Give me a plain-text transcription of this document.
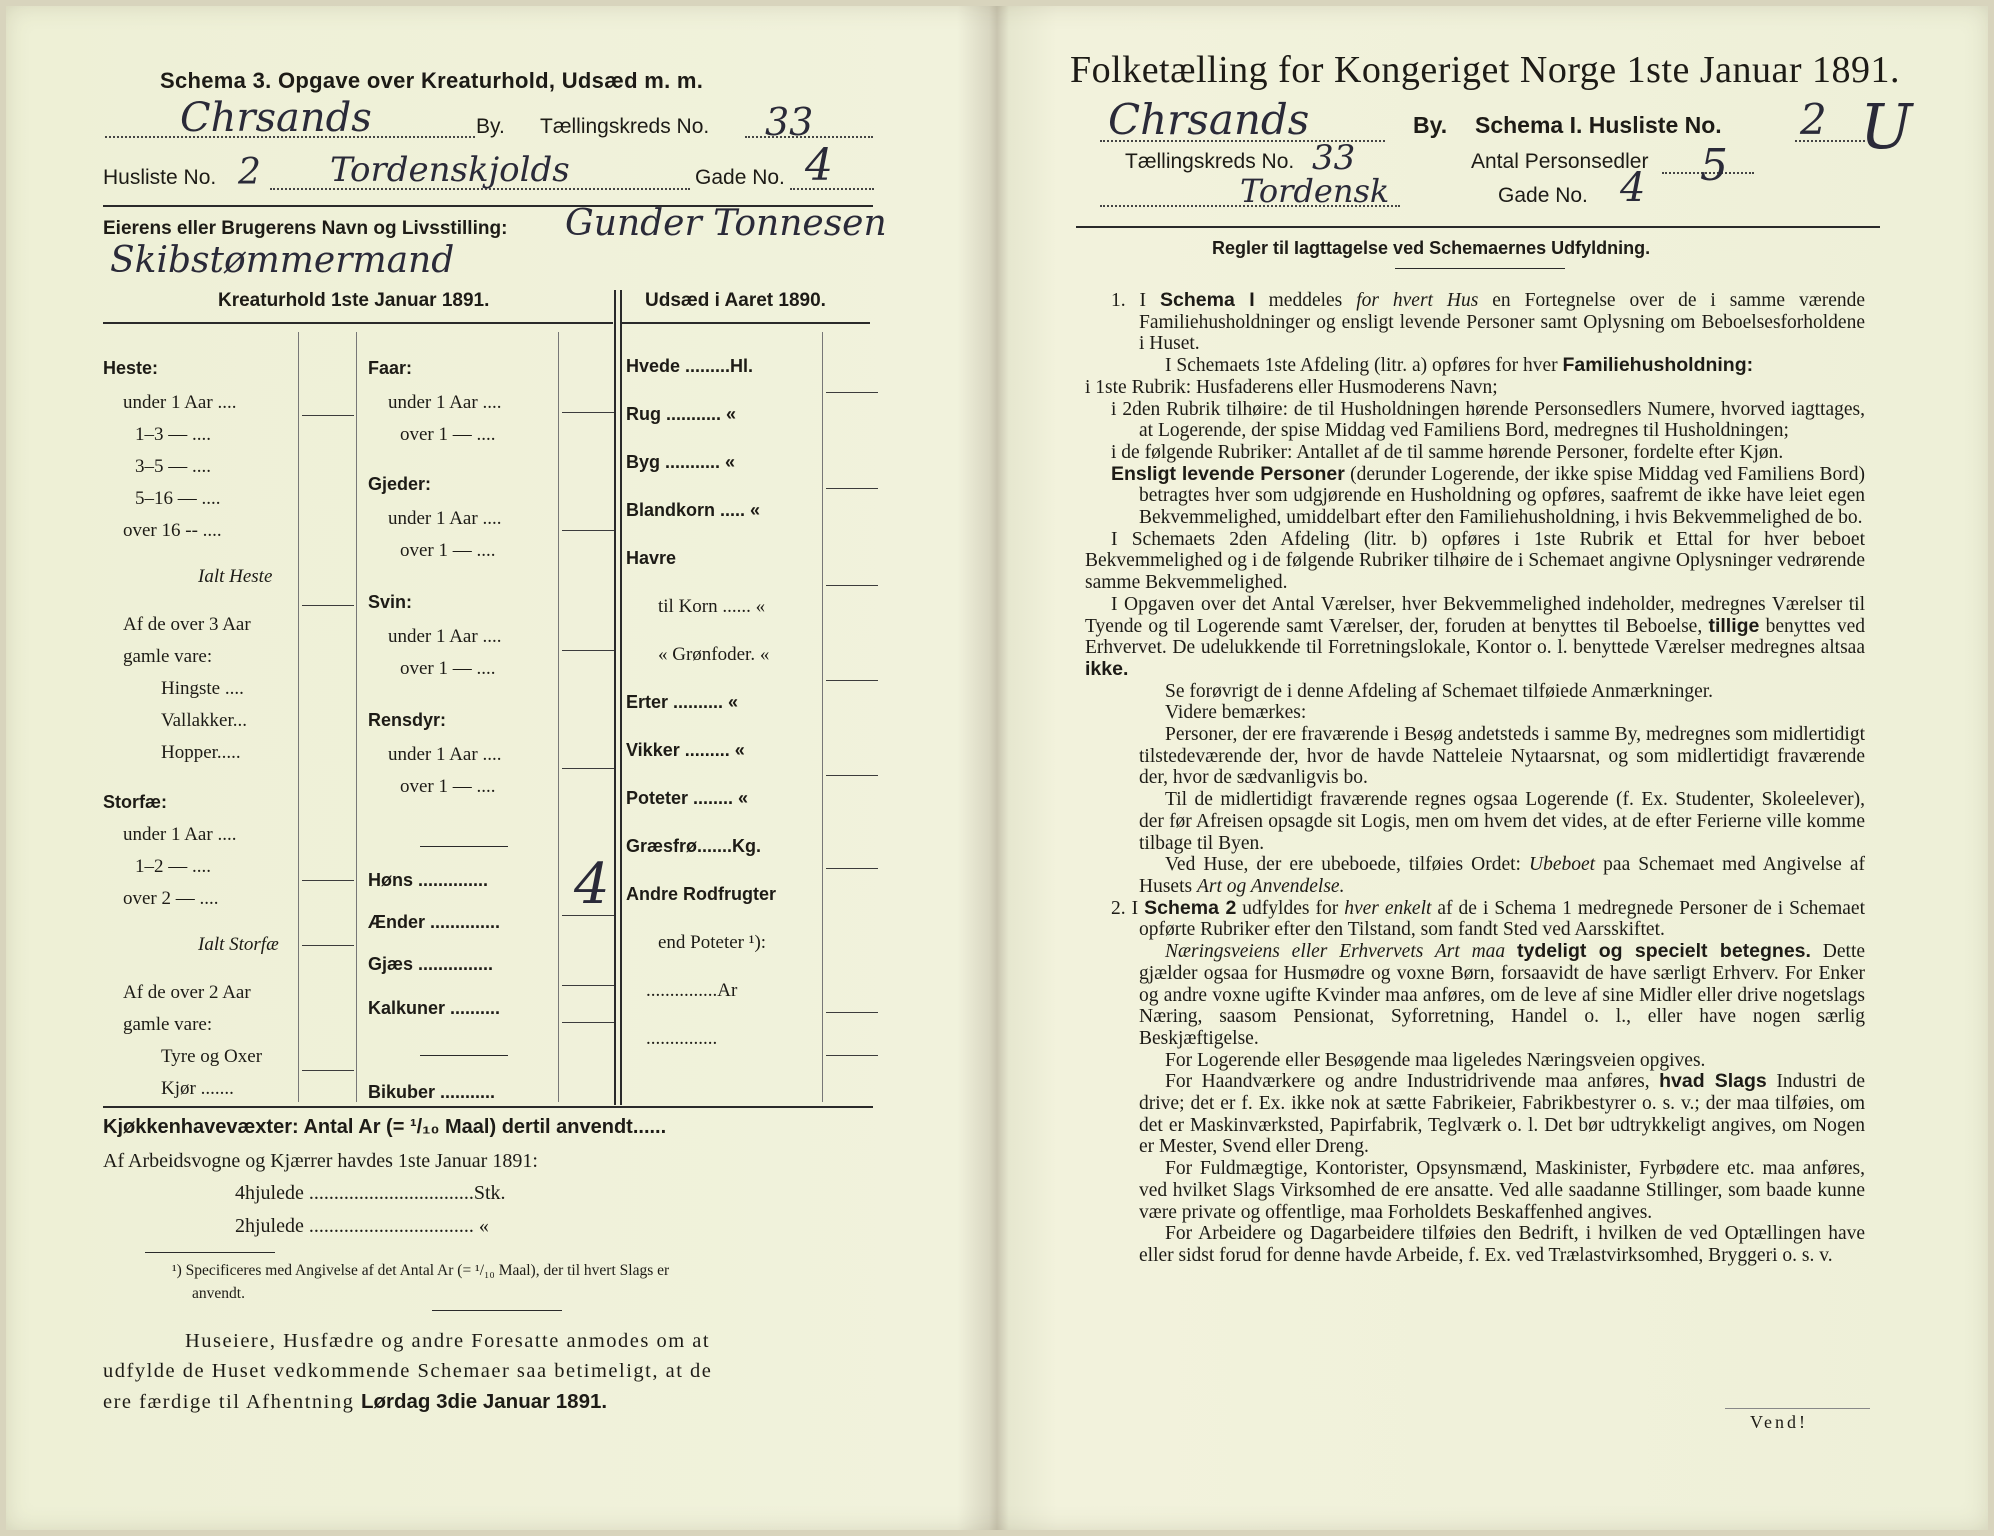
Schema 3. Opgave over Kreaturhold, Udsæd m. m.
Chrsands	By. Tællingskreds No. 33
Husliste No. 2 Tordenskjolds	Gade No. 4
Eierens eller Brugerens Navn og Livsstilling: Gunder Tonnesen
Skibstømmermand
Kreaturhold 1ste Januar 1891.	Udsæd i Aaret 1890.
Heste:
under 1 Aar ....
1–3 — ....
3–5 — ....
5–16 — ....
over 16 -- ....
Ialt Heste
Af de over 3 Aar
gamle vare:
Hingste ....
Vallakker...
Hopper.....
Storfæ:
under 1 Aar ....
1–2 — ....
over 2 — ....
Ialt Storfæ
Af de over 2 Aar
gamle vare:
Tyre og Oxer
Kjør .......
Faar:
under 1 Aar ....
over 1 — ....
Gjeder:
under 1 Aar ....
over 1 — ....
Svin:
under 1 Aar ....
over 1 — ....
Rensdyr:
under 1 Aar ....
over 1 — ....
Høns ..............
Ænder ..............
Gjæs ...............
Kalkuner ..........
Bikuber ...........
Hvede .........Hl.
Rug ........... «
Byg ........... «
Blandkorn ..... «
Havre
til Korn ...... «
« Grønfoder. «
Erter .......... «
Vikker ......... «
Poteter ........ «
Græsfrø.......Kg.
Andre Rodfrugter
end Poteter ¹):
...............Ar
...............
4
Kjøkkenhavevæxter: Antal Ar (= ¹/₁₀ Maal) dertil anvendt......
Af Arbeidsvogne og Kjærrer havdes 1ste Januar 1891:
4hjulede .................................Stk.
2hjulede ................................. «
¹) Specificeres med Angivelse af det Antal Ar (= ¹/₁₀ Maal), der til hvert Slags er
anvendt.
Huseiere, Husfædre og andre Foresatte anmodes om at
udfylde de Huset vedkommende Schemaer saa betimeligt, at de
ere færdige til Afhentning Lørdag 3die Januar 1891.
Folketælling for Kongeriget Norge 1ste Januar 1891.
Chrsands	By. Schema I. Husliste No. 2 U
Tællingskreds No. 33	Antal Personsedler 5
Tordensk	Gade No. 4
Regler til Iagttagelse ved Schemaernes Udfyldning.

1. I Schema I meddeles for hvert Hus en Fortegnelse over de i samme værende Familiehusholdninger og ensligt levende Personer samt Oplysning om Beboelsesforholdene i Huset.

I Schemaets 1ste Afdeling (litr. a) opføres for hver Familiehusholdning:

i 1ste Rubrik: Husfaderens eller Husmoderens Navn;

i 2den Rubrik tilhøire: de til Husholdningen hørende Personsedlers Numere, hvorved iagttages, at Logerende, der spise Middag ved Familiens Bord, medregnes til Husholdningen;

i de følgende Rubriker: Antallet af de til samme hørende Personer, fordelte efter Kjøn.

Ensligt levende Personer (derunder Logerende, der ikke spise Middag ved Familiens Bord) betragtes hver som udgjørende en Husholdning og opføres, saafremt de ikke have leiet egen Bekvemmelighed, umiddelbart efter den Familiehusholdning, i hvis Bekvemmelighed de bo.

I Schemaets 2den Afdeling (litr. b) opføres i 1ste Rubrik et Ettal for hver beboet Bekvemmelighed og i de følgende Rubriker tilhøire de i Schemaet angivne Oplysninger vedrørende samme Bekvemmelighed.

I Opgaven over det Antal Værelser, hver Bekvemmelighed indeholder, medregnes Værelser til Tyende og til Logerende samt Værelser, der, foruden at benyttes til Beboelse, tillige benyttes ved Erhvervet. De udelukkende til Forretningslokale, Kontor o. l. benyttede Værelser medregnes altsaa ikke.

Se forøvrigt de i denne Afdeling af Schemaet tilføiede Anmærkninger.

Videre bemærkes:

Personer, der ere fraværende i Besøg andetsteds i samme By, medregnes som midlertidigt tilstedeværende der, hvor de havde Natteleie Nytaarsnat, og som midlertidigt fraværende der, hvor de sædvanligvis bo.

Til de midlertidigt fraværende regnes ogsaa Logerende (f. Ex. Studenter, Skoleelever), der før Afreisen opsagde sit Logis, men om hvem det vides, at de efter Ferierne ville komme tilbage til Byen.

Ved Huse, der ere ubeboede, tilføies Ordet: Ubeboet paa Schemaet med Angivelse af Husets Art og Anvendelse.

2. I Schema 2 udfyldes for hver enkelt af de i Schema 1 medregnede Personer de i Schemaet opførte Rubriker efter den Tilstand, som fandt Sted ved Aarsskiftet.

Næringsveiens eller Erhvervets Art maa tydeligt og specielt betegnes. Dette gjælder ogsaa for Husmødre og voxne Børn, forsaavidt de have særligt Erhverv. For Enker og andre voxne ugifte Kvinder maa anføres, om de leve af sine Midler eller drive nogetslags Næring, saasom Pensionat, Syforretning, Handel o. l., eller have nogen særlig Beskjæftigelse.

For Logerende eller Besøgende maa ligeledes Næringsveien opgives.

For Haandværkere og andre Industridrivende maa anføres, hvad Slags Industri de drive; det er f. Ex. ikke nok at sætte Fabrikeier, Fabrikbestyrer o. s. v.; der maa tilføies, om det er Maskinværksted, Papirfabrik, Teglværk o. l. Det bør udtrykkeligt angives, om Nogen er Mester, Svend eller Dreng.

For Fuldmægtige, Kontorister, Opsynsmænd, Maskinister, Fyrbødere etc. maa anføres, ved hvilket Slags Virksomhed de ere ansatte. Ved alle saadanne Stillinger, som baade kunne være private og offentlige, maa Forholdets Beskaffenhed angives.

For Arbeidere og Dagarbeidere tilføies den Bedrift, i hvilken de ved Optællingen have eller sidst forud for denne havde Arbeide, f. Ex. ved Trælastvirksomhed, Bryggeri o. s. v.

Vend!
